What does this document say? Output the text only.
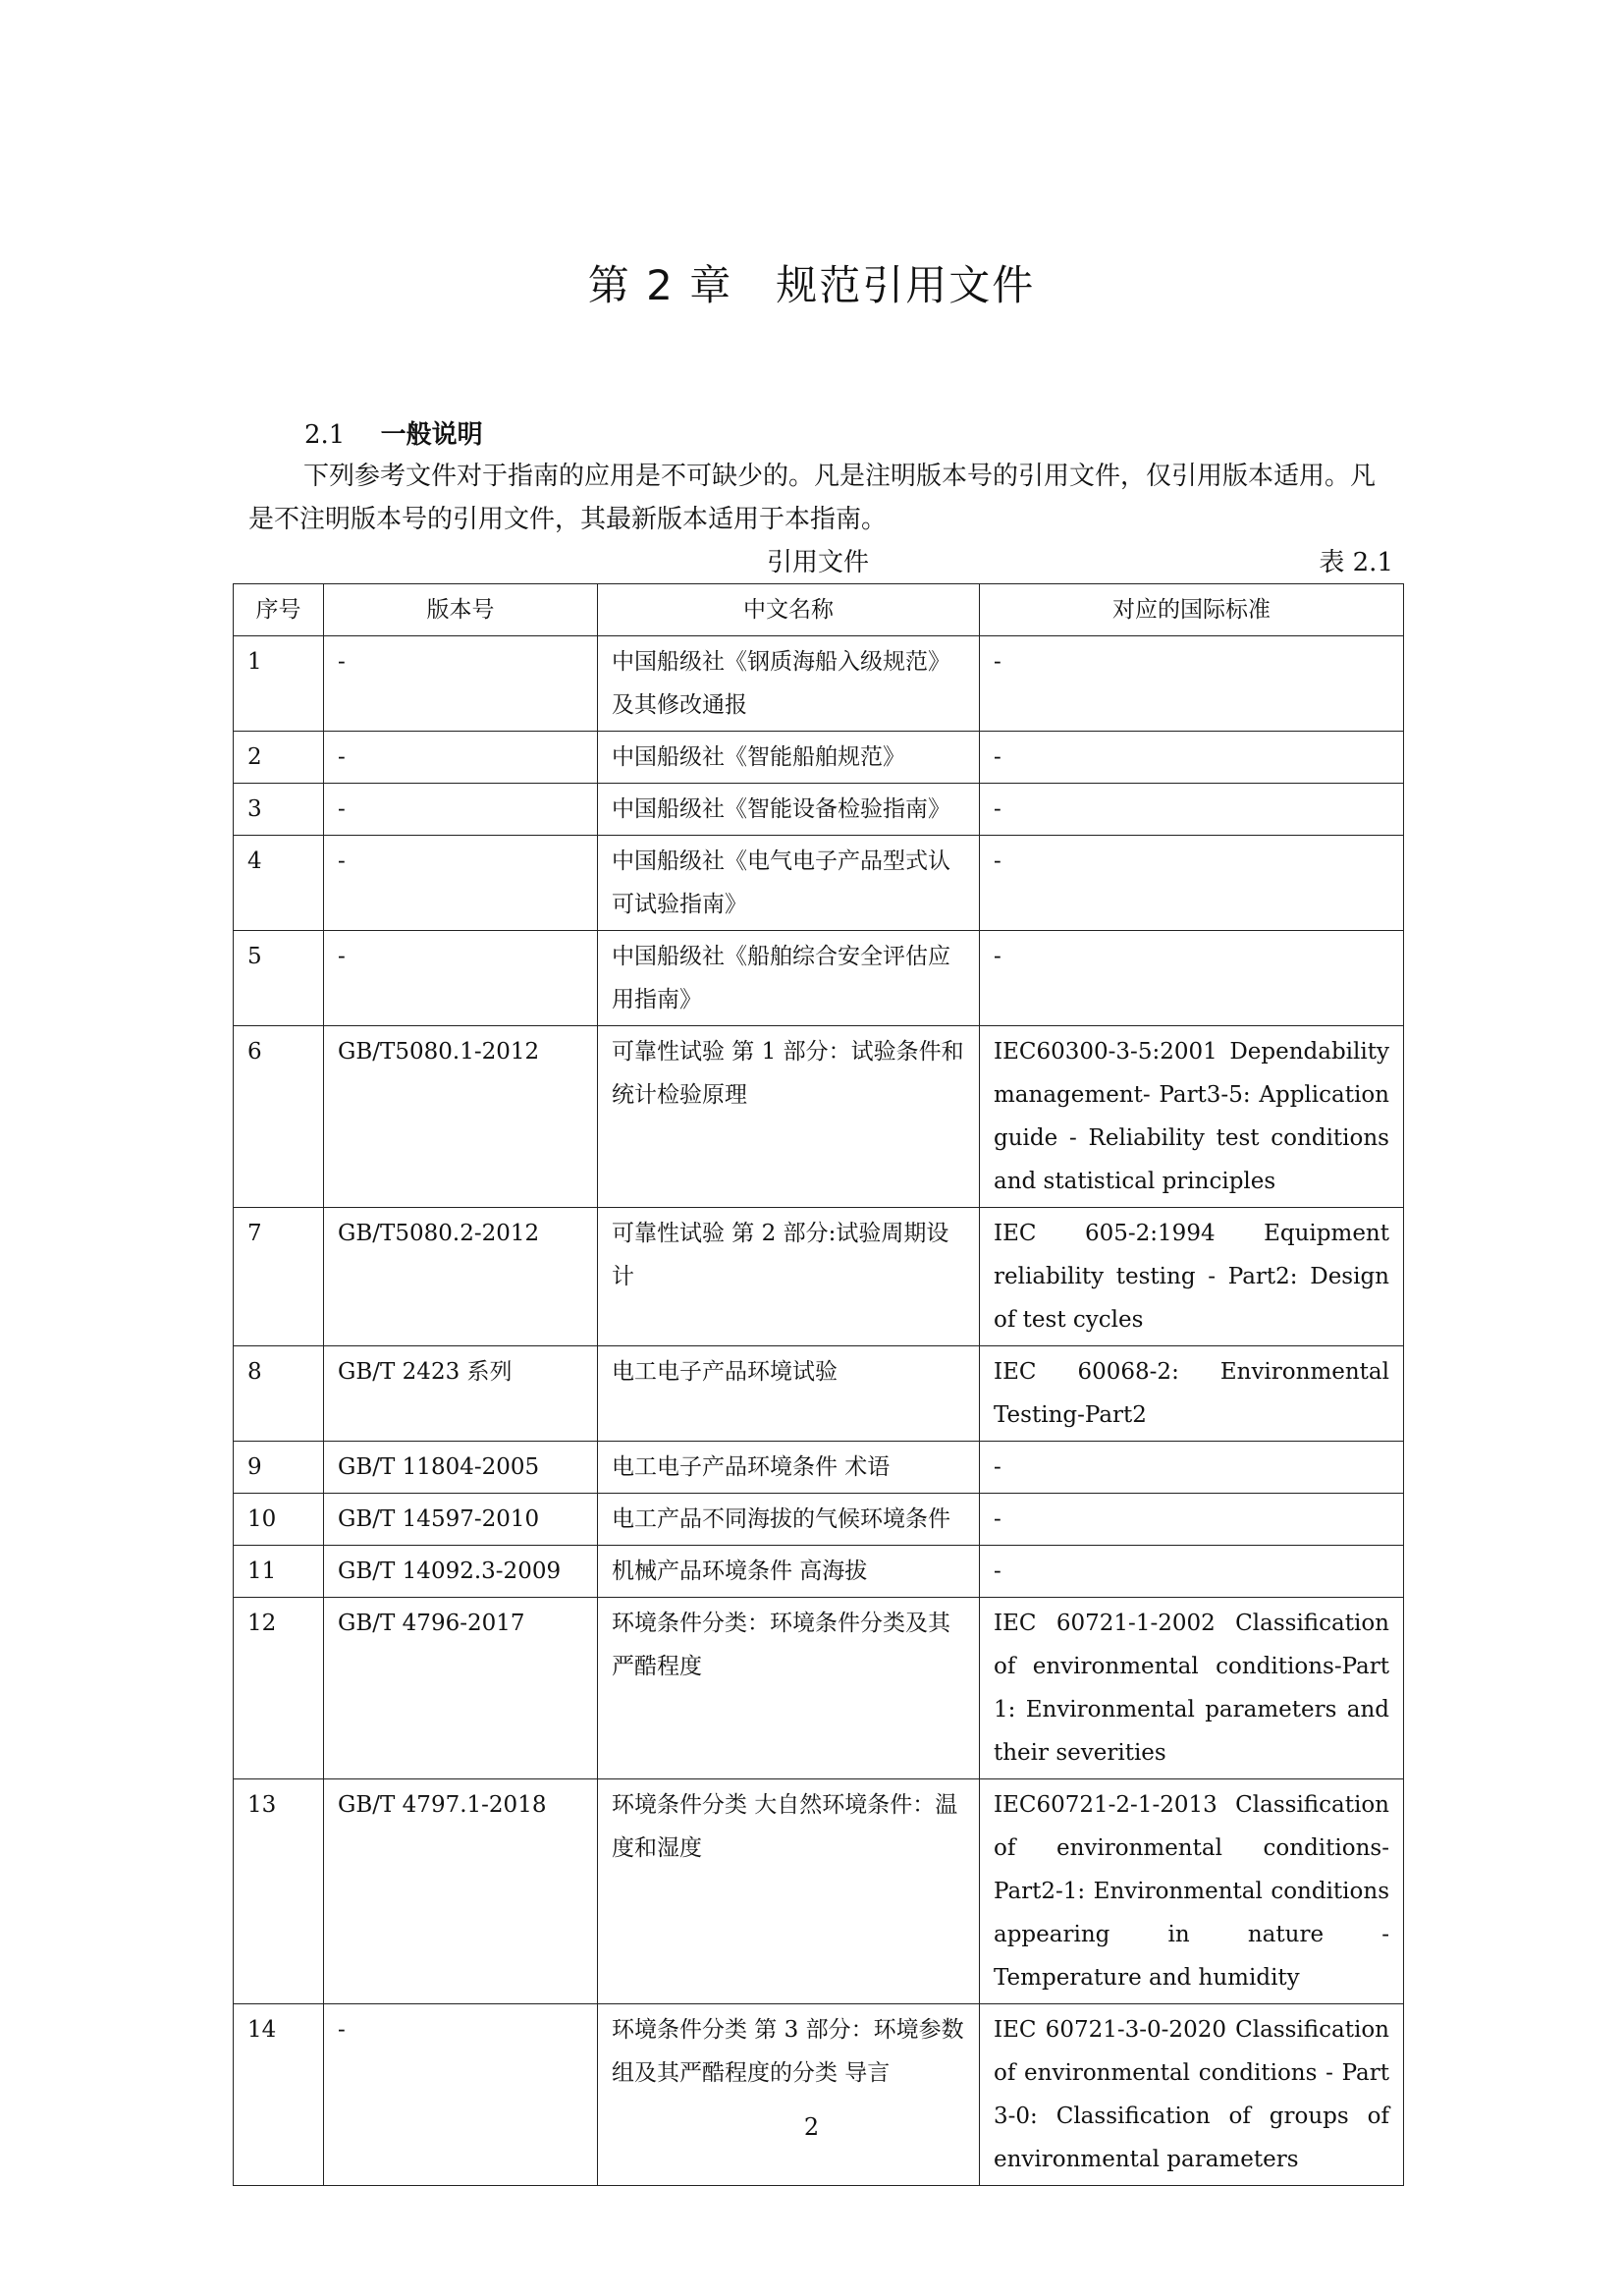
第 2 章　规范引用文件
2.1 一般说明

下列参考文件对于指南的应用是不可缺少的。凡是注明版本号的引用文件，仅引用版本适用。凡是不注明版本号的引用文件，其最新版本适用于本指南。

引用文件	表 2.1
序号	版本号	中文名称	对应的国际标准
1	-	中国船级社《钢质海船入级规范》及其修改通报	-
2	-	中国船级社《智能船舶规范》	-
3	-	中国船级社《智能设备检验指南》	-
4	-	中国船级社《电气电子产品型式认可试验指南》	-
5	-	中国船级社《船舶综合安全评估应用指南》	-
6	GB/T5080.1-2012	可靠性试验 第 1 部分：试验条件和统计检验原理	IEC60300-3-5:2001 Dependability management- Part3-5: Application guide - Reliability test conditions and statistical principles
7	GB/T5080.2-2012	可靠性试验 第 2 部分:试验周期设计	IEC 605-2:1994 Equipment reliability testing - Part2: Design of test cycles
8	GB/T 2423 系列	电工电子产品环境试验	IEC 60068-2: Environmental Testing-Part2
9	GB/T 11804-2005	电工电子产品环境条件 术语	-
10	GB/T 14597-2010	电工产品不同海拔的气候环境条件	-
11	GB/T 14092.3-2009	机械产品环境条件 高海拔	-
12	GB/T 4796-2017	环境条件分类：环境条件分类及其严酷程度	IEC 60721-1-2002 Classification of environmental conditions-Part 1: Environmental parameters and their severities
13	GB/T 4797.1-2018	环境条件分类 大自然环境条件：温度和湿度	IEC60721-2-1-2013 Classification of environmental conditions-Part2-1: Environmental conditions appearing in nature - Temperature and humidity
14	-	环境条件分类 第 3 部分：环境参数组及其严酷程度的分类 导言	IEC 60721-3-0-2020 Classification of environmental conditions - Part 3-0: Classification of groups of environmental parameters
2
